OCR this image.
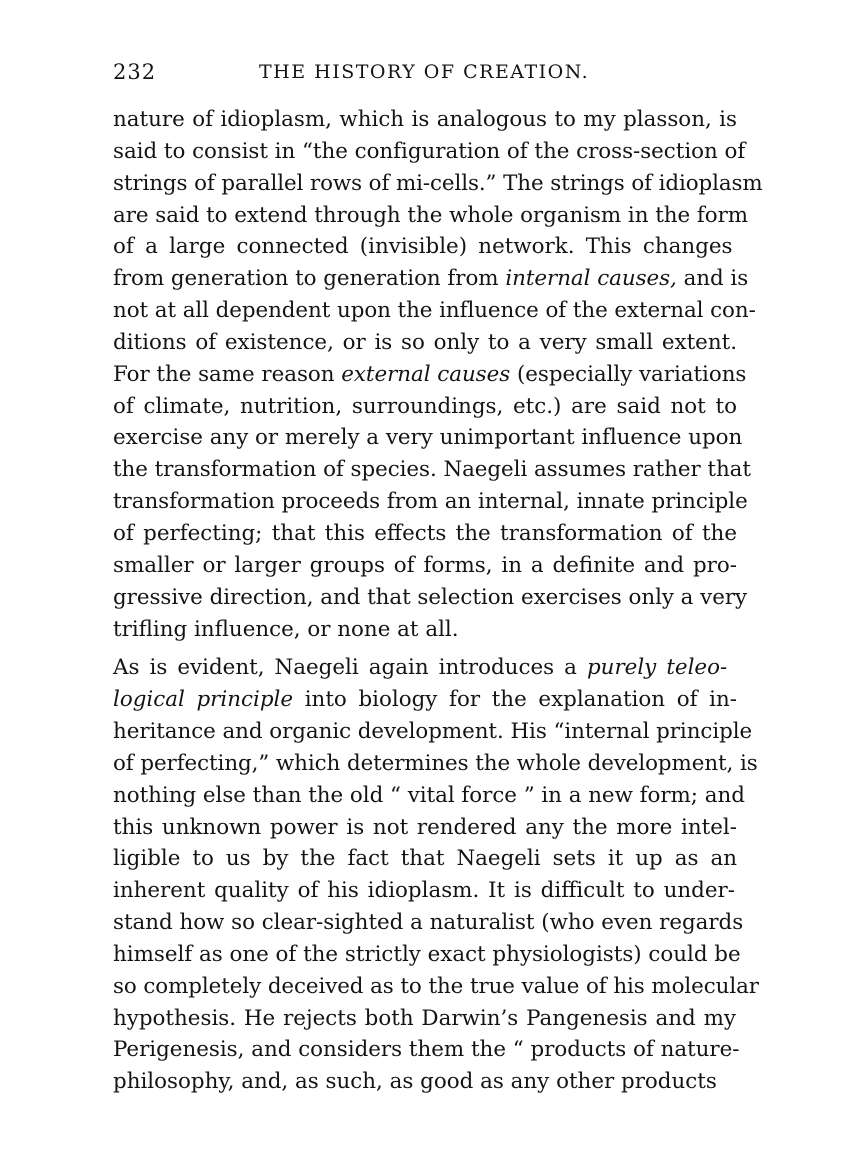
232	THE HISTORY OF CREATION.
nature of idioplasm, which is analogous to my plasson, is
said to consist in “the configuration of the cross-section of
strings of parallel rows of mi-cells.” The strings of idioplasm
are said to extend through the whole organism in the form
of a large connected (invisible) network. This changes
from generation to generation from internal causes, and is
not at all dependent upon the influence of the external con-
ditions of existence, or is so only to a very small extent.
For the same reason external causes (especially variations
of climate, nutrition, surroundings, etc.) are said not to
exercise any or merely a very unimportant influence upon
the transformation of species. Naegeli assumes rather that
transformation proceeds from an internal, innate principle
of perfecting; that this effects the transformation of the
smaller or larger groups of forms, in a definite and pro-
gressive direction, and that selection exercises only a very
trifling influence, or none at all.
As is evident, Naegeli again introduces a purely teleo-
logical principle into biology for the explanation of in-
heritance and organic development. His “internal principle
of perfecting,” which determines the whole development, is
nothing else than the old “ vital force ” in a new form; and
this unknown power is not rendered any the more intel-
ligible to us by the fact that Naegeli sets it up as an
inherent quality of his idioplasm. It is difficult to under-
stand how so clear-sighted a naturalist (who even regards
himself as one of the strictly exact physiologists) could be
so completely deceived as to the true value of his molecular
hypothesis. He rejects both Darwin’s Pangenesis and my
Perigenesis, and considers them the “ products of nature-
philosophy, and, as such, as good as any other products
